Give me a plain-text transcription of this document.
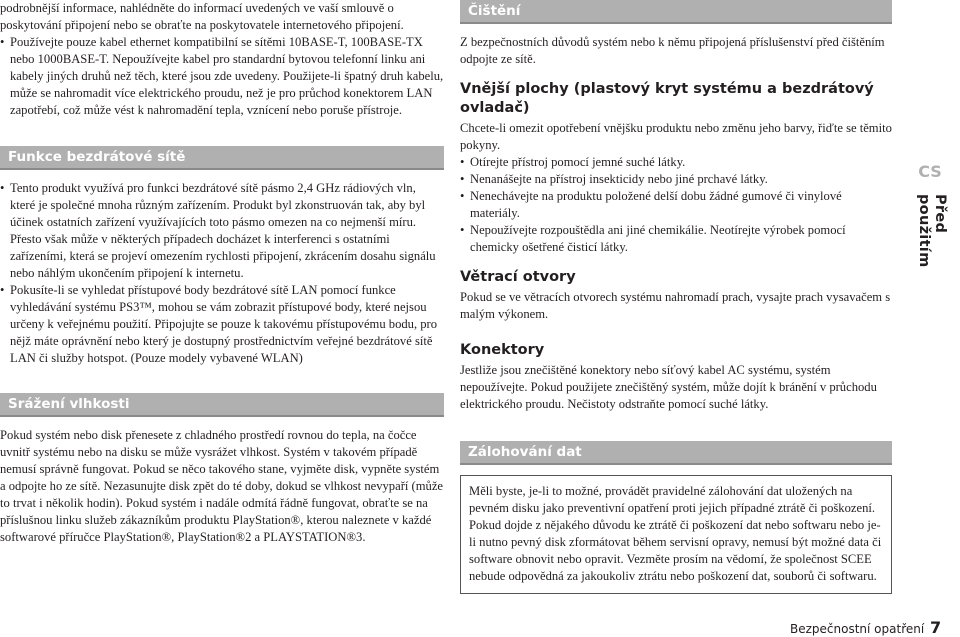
podrobnější informace, nahlédněte do informací uvedených ve vaší smlouvě o poskytování připojení nebo se obraťte na poskytovatele internetového připojení.

• Používejte pouze kabel ethernet kompatibilní se sítěmi 10BASE-T, 100BASE-TX nebo 1000BASE-T. Nepoužívejte kabel pro standardní bytovou telefonní linku ani kabely jiných druhů než těch, které jsou zde uvedeny. Použijete-li špatný druh kabelu, může se nahromadit více elektrického proudu, než je pro průchod konektorem LAN zapotřebí, což může vést k nahromadění tepla, vznícení nebo poruše přístroje.
Funkce bezdrátové sítě
• Tento produkt využívá pro funkci bezdrátové sítě pásmo 2,4 GHz rádiových vln, které je společné mnoha různým zařízením. Produkt byl zkonstruován tak, aby byl účinek ostatních zařízení využívajících toto pásmo omezen na co nejmenší míru. Přesto však může v některých případech docházet k interferenci s ostatními zařízeními, která se projeví omezením rychlosti připojení, zkrácením dosahu signálu nebo náhlým ukončením připojení k internetu.
• Pokusíte-li se vyhledat přístupové body bezdrátové sítě LAN pomocí funkce vyhledávání systému PS3™, mohou se vám zobrazit přístupové body, které nejsou určeny k veřejnému použití. Připojujte se pouze k takovému přístupovému bodu, pro nějž máte oprávnění nebo který je dostupný prostřednictvím veřejné bezdrátové sítě LAN či služby hotspot. (Pouze modely vybavené WLAN)
Srážení vlhkosti

Pokud systém nebo disk přenesete z chladného prostředí rovnou do tepla, na čočce uvnitř systému nebo na disku se může vysrážet vlhkost. Systém v takovém případě nemusí správně fungovat. Pokud se něco takového stane, vyjměte disk, vypněte systém a odpojte ho ze sítě. Nezasunujte disk zpět do té doby, dokud se vlhkost nevypaří (může to trvat i několik hodin). Pokud systém i nadále odmítá řádně fungovat, obraťte se na příslušnou linku služeb zákazníkům produktu PlayStation®, kterou naleznete v každé softwarové příručce PlayStation®, PlayStation®2 a PLAYSTATION®3.

Čištění

Z bezpečnostních důvodů systém nebo k němu připojená příslušenství před čištěním odpojte ze sítě.

Vnější plochy (plastový kryt systému a bezdrátový ovladač)

Chcete-li omezit opotřebení vnějšku produktu nebo změnu jeho barvy, řiďte se těmito pokyny.

• Otírejte přístroj pomocí jemné suché látky.
• Nenanášejte na přístroj insekticidy nebo jiné prchavé látky.
• Nenechávejte na produktu položené delší dobu žádné gumové či vinylové materiály.
• Nepoužívejte rozpouštědla ani jiné chemikálie. Neotírejte výrobek pomocí chemicky ošetřené čisticí látky.
Větrací otvory

Pokud se ve větracích otvorech systému nahromadí prach, vysajte prach vysavačem s malým výkonem.

Konektory

Jestliže jsou znečištěné konektory nebo síťový kabel AC systému, systém nepoužívejte. Pokud použijete znečištěný systém, může dojít k bránění v průchodu elektrického proudu. Nečistoty odstraňte pomocí suché látky.

Zálohování dat

Měli byste, je-li to možné, provádět pravidelné zálohování dat uložených na pevném disku jako preventivní opatření proti jejich případné ztrátě či poškození. Pokud dojde z nějakého důvodu ke ztrátě či poškození dat nebo softwaru nebo je-li nutno pevný disk zformátovat během servisní opravy, nemusí být možné data či software obnovit nebo opravit. Vezměte prosím na vědomí, že společnost SCEE nebude odpovědná za jakoukoliv ztrátu nebo poškození dat, souborů či softwaru.

CS
Před použitím
Bezpečnostní opatření 7
